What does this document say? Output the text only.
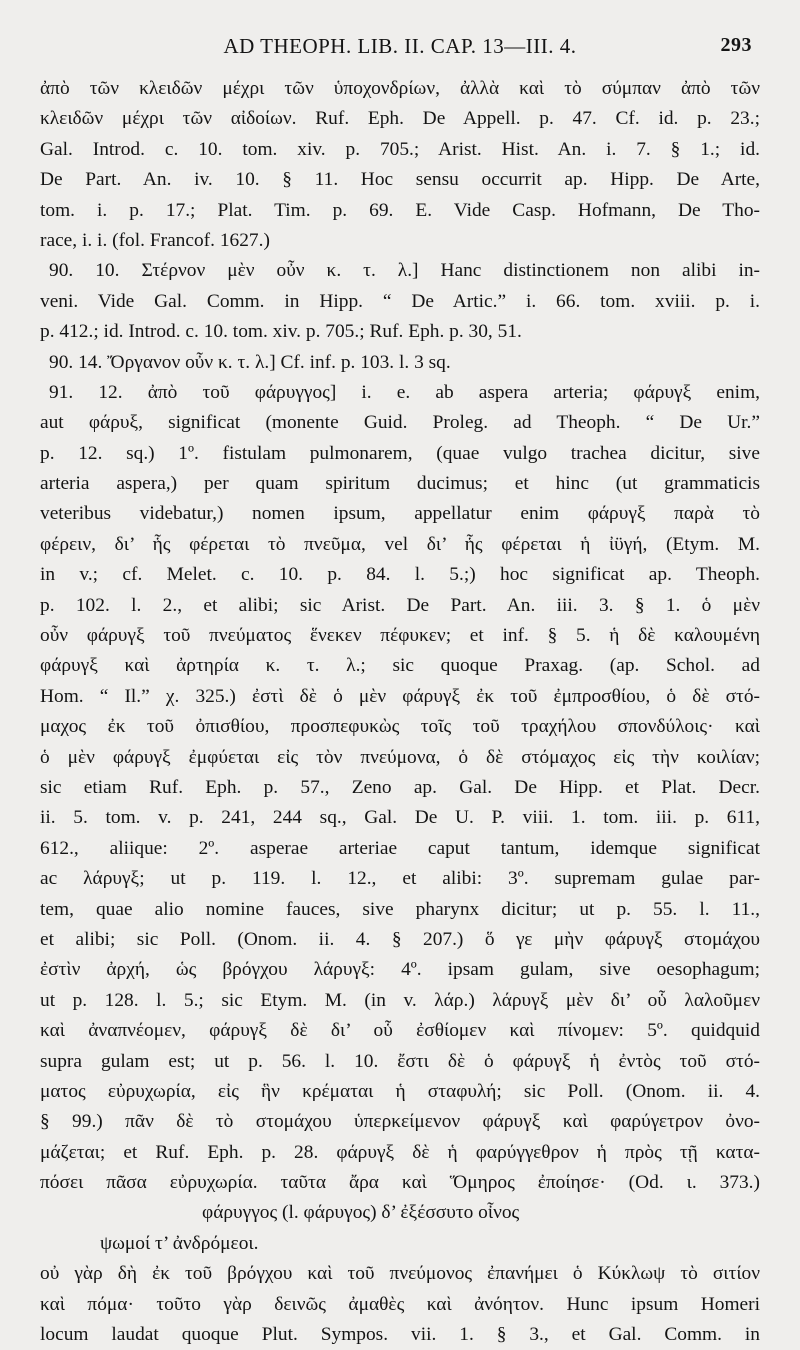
AD THEOPH. LIB. II. CAP. 13—III. 4.	293
ἀπὸ τῶν κλειδῶν μέχρι τῶν ὑποχονδρίων, ἀλλὰ καὶ τὸ σύμπαν ἀπὸ τῶν
κλειδῶν μέχρι τῶν αἰδοίων. Ruf. Eph. De Appell. p. 47. Cf. id. p. 23.;
Gal. Introd. c. 10. tom. xiv. p. 705.; Arist. Hist. An. i. 7. § 1.; id.
De Part. An. iv. 10. § 11. Hoc sensu occurrit ap. Hipp. De Arte,
tom. i. p. 17.; Plat. Tim. p. 69. E. Vide Casp. Hofmann, De Tho-
race, i. i. (fol. Francof. 1627.)
90. 10. Στέρνον μὲν οὖν κ. τ. λ.] Hanc distinctionem non alibi in-
veni. Vide Gal. Comm. in Hipp. “ De Artic.” i. 66. tom. xviii. p. i.
p. 412.; id. Introd. c. 10. tom. xiv. p. 705.; Ruf. Eph. p. 30, 51.
90. 14. Ὄργανον οὖν κ. τ. λ.] Cf. inf. p. 103. l. 3 sq.
91. 12. ἀπὸ τοῦ φάρυγγος] i. e. ab aspera arteria; φάρυγξ enim,
aut φάρυξ, significat (monente Guid. Proleg. ad Theoph. “ De Ur.”
p. 12. sq.) 1º. fistulam pulmonarem, (quae vulgo trachea dicitur, sive
arteria aspera,) per quam spiritum ducimus; et hinc (ut grammaticis
veteribus videbatur,) nomen ipsum, appellatur enim φάρυγξ παρὰ τὸ
φέρειν, δι’ ἧς φέρεται τὸ πνεῦμα, vel δι’ ἧς φέρεται ἡ ἰϋγή, (Etym. M.
in v.; cf. Melet. c. 10. p. 84. l. 5.;) hoc significat ap. Theoph.
p. 102. l. 2., et alibi; sic Arist. De Part. An. iii. 3. § 1. ὁ μὲν
οὖν φάρυγξ τοῦ πνεύματος ἕνεκεν πέφυκεν; et inf. § 5. ἡ δὲ καλουμένη
φάρυγξ καὶ ἀρτηρία κ. τ. λ.; sic quoque Praxag. (ap. Schol. ad
Hom. “ Il.” χ. 325.) ἐστὶ δὲ ὁ μὲν φάρυγξ ἐκ τοῦ ἐμπροσθίου, ὁ δὲ στό-
μαχος ἐκ τοῦ ὀπισθίου, προσπεφυκὼς τοῖς τοῦ τραχήλου σπονδύλοις· καὶ
ὁ μὲν φάρυγξ ἐμφύεται εἰς τὸν πνεύμονα, ὁ δὲ στόμαχος εἰς τὴν κοιλίαν;
sic etiam Ruf. Eph. p. 57., Zeno ap. Gal. De Hipp. et Plat. Decr.
ii. 5. tom. v. p. 241, 244 sq., Gal. De U. P. viii. 1. tom. iii. p. 611,
612., aliique: 2º. asperae arteriae caput tantum, idemque significat
ac λάρυγξ; ut p. 119. l. 12., et alibi: 3º. supremam gulae par-
tem, quae alio nomine fauces, sive pharynx dicitur; ut p. 55. l. 11.,
et alibi; sic Poll. (Onom. ii. 4. § 207.) ὅ γε μὴν φάρυγξ στομάχου
ἐστὶν ἀρχή, ὡς βρόγχου λάρυγξ: 4º. ipsam gulam, sive oesophagum;
ut p. 128. l. 5.; sic Etym. M. (in v. λάρ.) λάρυγξ μὲν δι’ οὗ λαλοῦμεν
καὶ ἀναπνέομεν, φάρυγξ δὲ δι’ οὗ ἐσθίομεν καὶ πίνομεν: 5º. quidquid
supra gulam est; ut p. 56. l. 10. ἔστι δὲ ὁ φάρυγξ ἡ ἐντὸς τοῦ στό-
ματος εὐρυχωρία, εἰς ἣν κρέμαται ἡ σταφυλή; sic Poll. (Onom. ii. 4.
§ 99.) πᾶν δὲ τὸ στομάχου ὑπερκείμενον φάρυγξ καὶ φαρύγετρον ὀνο-
μάζεται; et Ruf. Eph. p. 28. φάρυγξ δὲ ἡ φαρύγγεθρον ἡ πρὸς τῇ κατα-
πόσει πᾶσα εὐρυχωρία. ταῦτα ἄρα καὶ Ὅμηρος ἐποίησε· (Od. ι. 373.)
φάρυγγος (l. φάρυγος) δ’ ἐξέσσυτο οἶνος
ψωμοί τ’ ἀνδρόμεοι.
οὐ γὰρ δὴ ἐκ τοῦ βρόγχου καὶ τοῦ πνεύμονος ἐπανήμει ὁ Κύκλωψ τὸ σιτίον
καὶ πόμα· τοῦτο γὰρ δεινῶς ἀμαθὲς καὶ ἀνόητον. Hunc ipsum Homeri
locum laudat quoque Plut. Sympos. vii. 1. § 3., et Gal. Comm. in
